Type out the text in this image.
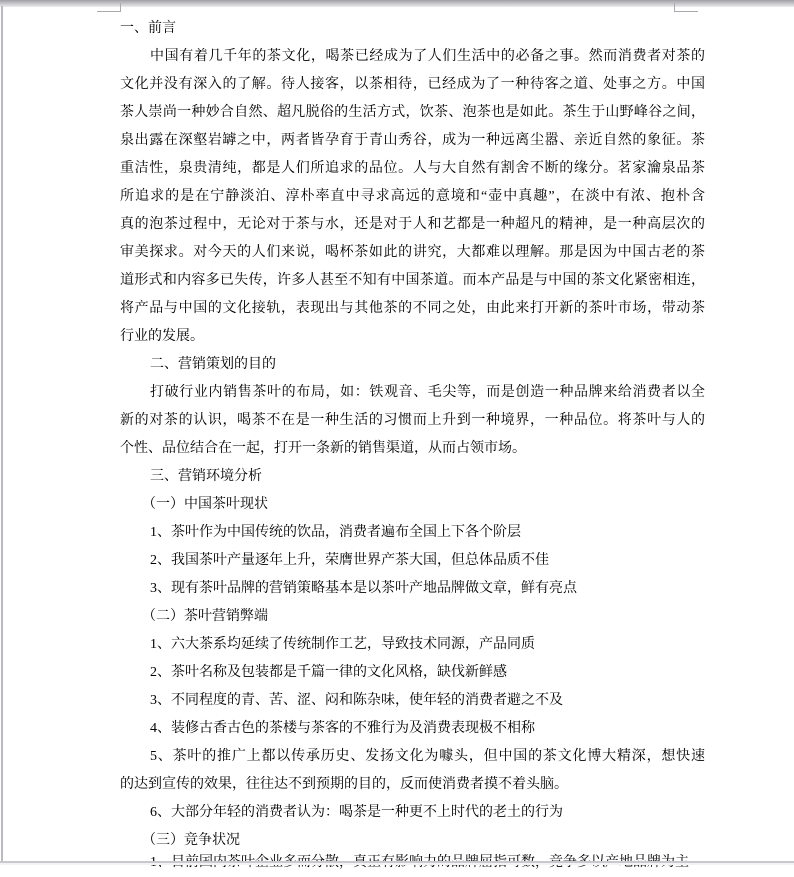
一、前言
中国有着几千年的茶文化，喝茶已经成为了人们生活中的必备之事。然而消费者对茶的
文化并没有深入的了解。待人接客，以茶相待，已经成为了一种待客之道、处事之方。中国
茶人崇尚一种妙合自然、超凡脱俗的生活方式，饮茶、泡茶也是如此。茶生于山野峰谷之间，
泉出露在深壑岩罅之中，两者皆孕育于青山秀谷，成为一种远离尘嚣、亲近自然的象征。茶
重洁性，泉贵清纯，都是人们所追求的品位。人与大自然有割舍不断的缘分。茗家瀹泉品茶
所追求的是在宁静淡泊、淳朴率直中寻求高远的意境和“壶中真趣”，在淡中有浓、抱朴含
真的泡茶过程中，无论对于茶与水，还是对于人和艺都是一种超凡的精神，是一种高层次的
审美探求。对今天的人们来说，喝杯茶如此的讲究，大都难以理解。那是因为中国古老的茶
道形式和内容多已失传，许多人甚至不知有中国茶道。而本产品是与中国的茶文化紧密相连，
将产品与中国的文化接轨，表现出与其他茶的不同之处，由此来打开新的茶叶市场，带动茶
行业的发展。
二、营销策划的目的
打破行业内销售茶叶的布局，如：铁观音、毛尖等，而是创造一种品牌来给消费者以全
新的对茶的认识，喝茶不在是一种生活的习惯而上升到一种境界，一种品位。将茶叶与人的
个性、品位结合在一起，打开一条新的销售渠道，从而占领市场。
三、营销环境分析
（一）中国茶叶现状
1、茶叶作为中国传统的饮品，消费者遍布全国上下各个阶层
2、我国茶叶产量逐年上升，荣膺世界产茶大国，但总体品质不佳
3、现有茶叶品牌的营销策略基本是以茶叶产地品牌做文章，鲜有亮点
（二）茶叶营销弊端
1、六大茶系均延续了传统制作工艺，导致技术同源，产品同质
2、茶叶名称及包装都是千篇一律的文化风格，缺伐新鲜感
3、不同程度的青、苦、涩、闷和陈杂味，使年轻的消费者避之不及
4、装修古香古色的茶楼与茶客的不雅行为及消费表现极不相称
5、茶叶的推广上都以传承历史、发扬文化为噱头，但中国的茶文化博大精深，想快速
的达到宣传的效果，往往达不到预期的目的，反而使消费者摸不着头脑。
6、大部分年轻的消费者认为：喝茶是一种更不上时代的老土的行为
（三）竞争状况
